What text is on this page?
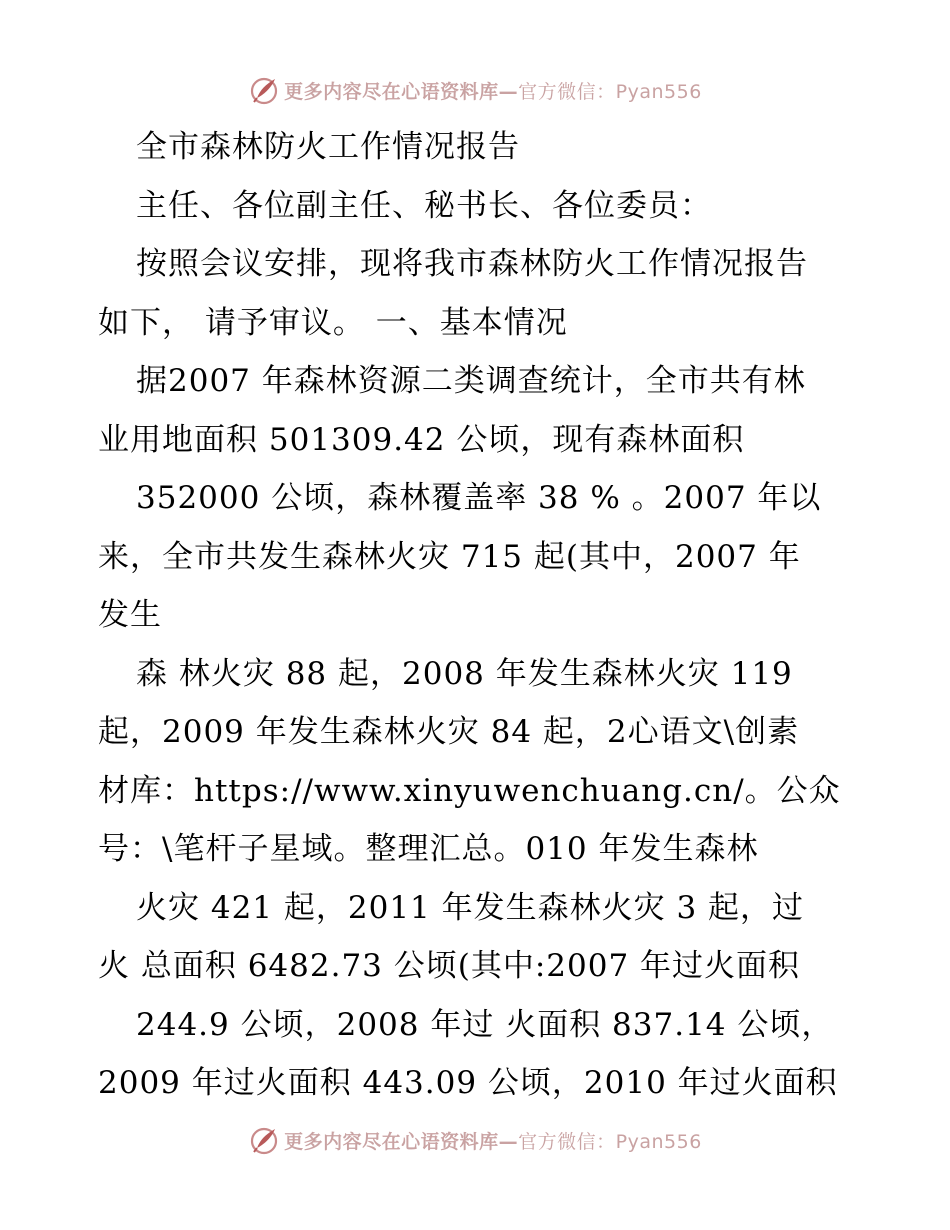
更多内容尽在心语资料库—官方微信：Pyan556
全市森林防火工作情况报告
主任、各位副主任、秘书长、各位委员：
按照会议安排，现将我市森林防火工作情况报告
如下， 请予审议。 一、基本情况
据2007 年森林资源二类调查统计，全市共有林
业用地面积 501309.42 公顷，现有森林面积
352000 公顷，森林覆盖率 38 % 。2007 年以
来，全市共发生森林火灾 715 起(其中，2007 年
发生
森 林火灾 88 起，2008 年发生森林火灾 119
起，2009 年发生森林火灾 84 起，2心语文\创素
材库：https://www.xinyuwenchuang.cn/。公众
号：\笔杆子星域。整理汇总。010 年发生森林
火灾 421 起，2011 年发生森林火灾 3 起，过
火 总面积 6482.73 公顷(其中:2007 年过火面积
244.9 公顷，2008 年过 火面积 837.14 公顷，
2009 年过火面积 443.09 公顷，2010 年过火面积
更多内容尽在心语资料库—官方微信：Pyan556
